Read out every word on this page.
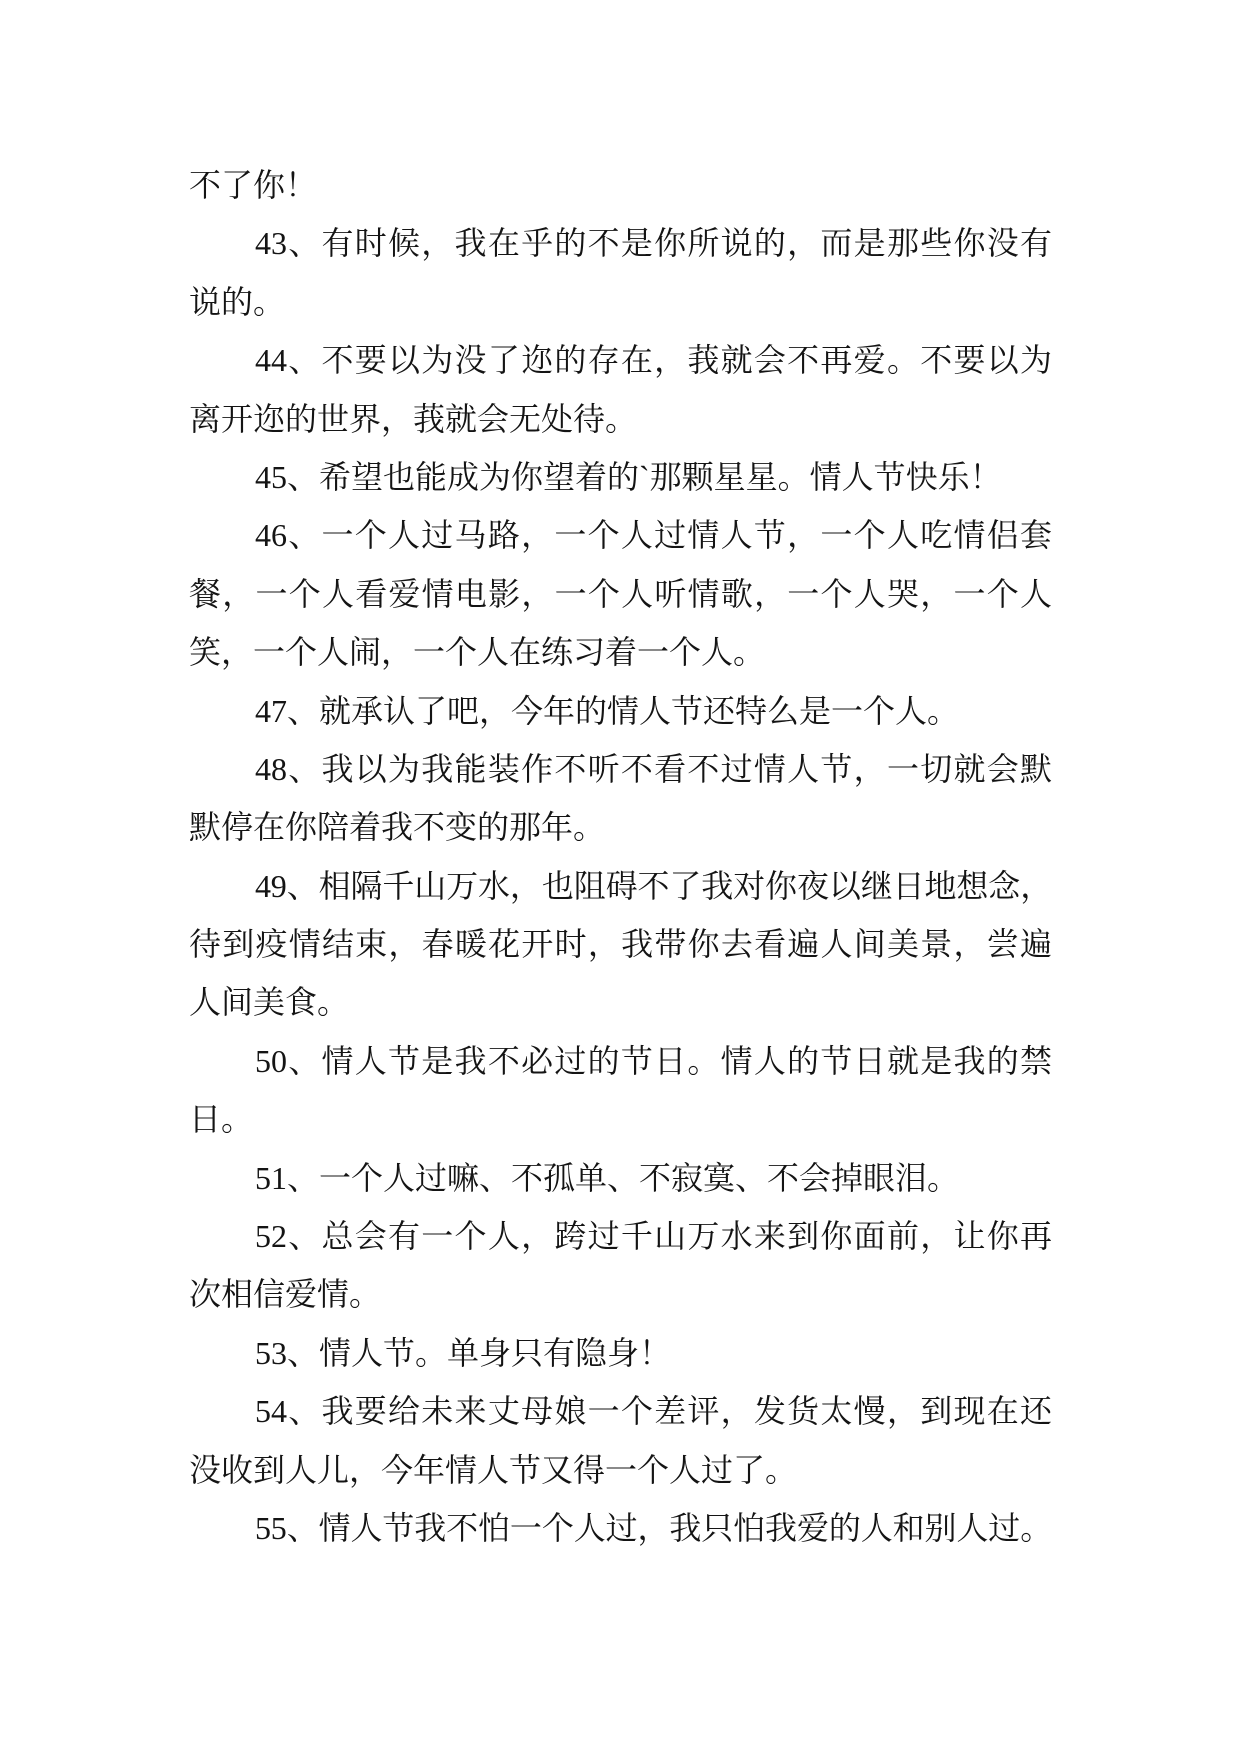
不了你！
43、有时候，我在乎的不是你所说的，而是那些你没有
说的。
44、不要以为没了迩的存在，莪就会不再爱。不要以为
离开迩的世界，莪就会无处待。
45、希望也能成为你望着的`那颗星星。情人节快乐！
46、一个人过马路，一个人过情人节，一个人吃情侣套
餐，一个人看爱情电影，一个人听情歌，一个人哭，一个人
笑，一个人闹，一个人在练习着一个人。
47、就承认了吧，今年的情人节还特么是一个人。
48、我以为我能装作不听不看不过情人节，一切就会默
默停在你陪着我不变的那年。
49、相隔千山万水，也阻碍不了我对你夜以继日地想念，
待到疫情结束，春暖花开时，我带你去看遍人间美景，尝遍
人间美食。
50、情人节是我不必过的节日。情人的节日就是我的禁
日。
51、一个人过嘛、不孤单、不寂寞、不会掉眼泪。
52、总会有一个人，跨过千山万水来到你面前，让你再
次相信爱情。
53、情人节。单身只有隐身！
54、我要给未来丈母娘一个差评，发货太慢，到现在还
没收到人儿，今年情人节又得一个人过了。
55、情人节我不怕一个人过，我只怕我爱的人和别人过。
